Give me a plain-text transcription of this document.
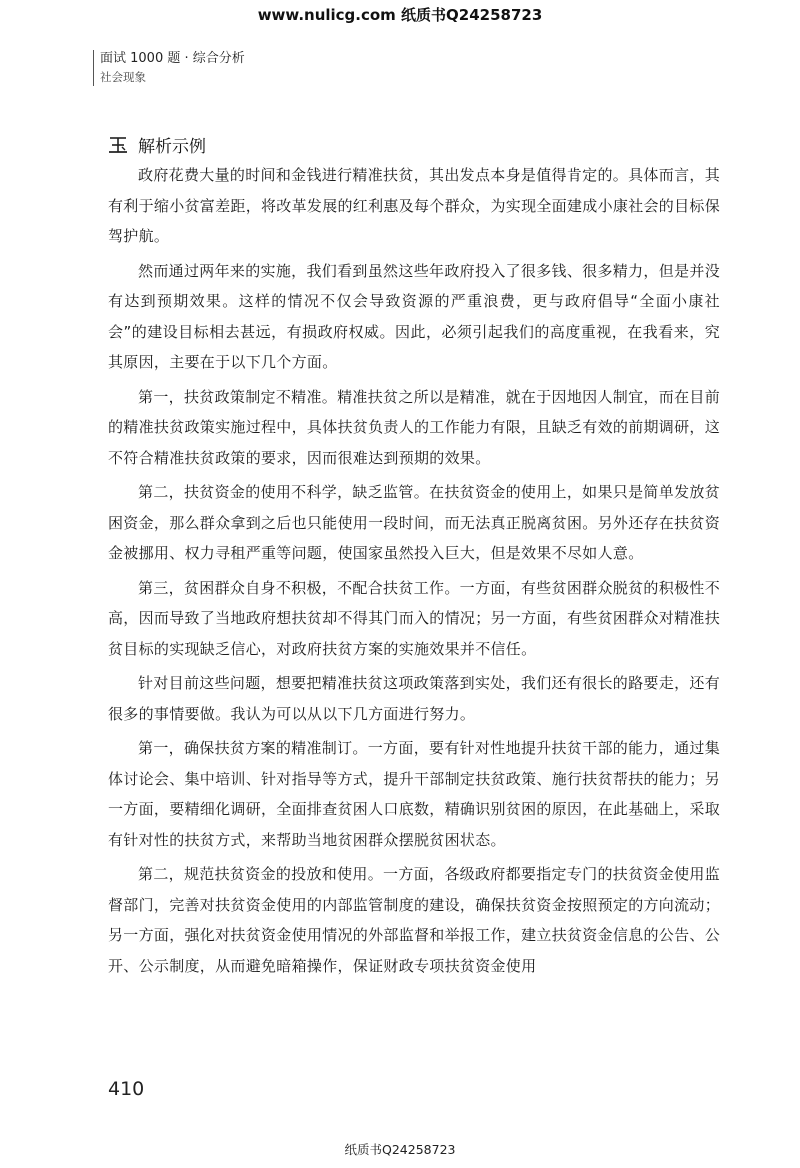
www.nulicg.com 纸质书Q24258723
面试 1000 题 · 综合分析
社会现象
解析示例

政府花费大量的时间和金钱进行精准扶贫，其出发点本身是值得肯定的。具体而言，其有利于缩小贫富差距，将改革发展的红利惠及每个群众，为实现全面建成小康社会的目标保驾护航。

然而通过两年来的实施，我们看到虽然这些年政府投入了很多钱、很多精力，但是并没有达到预期效果。这样的情况不仅会导致资源的严重浪费，更与政府倡导“全面小康社会”的建设目标相去甚远，有损政府权威。因此，必须引起我们的高度重视，在我看来，究其原因，主要在于以下几个方面。

第一，扶贫政策制定不精准。精准扶贫之所以是精准，就在于因地因人制宜，而在目前的精准扶贫政策实施过程中，具体扶贫负责人的工作能力有限，且缺乏有效的前期调研，这不符合精准扶贫政策的要求，因而很难达到预期的效果。

第二，扶贫资金的使用不科学，缺乏监管。在扶贫资金的使用上，如果只是简单发放贫困资金，那么群众拿到之后也只能使用一段时间，而无法真正脱离贫困。另外还存在扶贫资金被挪用、权力寻租严重等问题，使国家虽然投入巨大，但是效果不尽如人意。

第三，贫困群众自身不积极，不配合扶贫工作。一方面，有些贫困群众脱贫的积极性不高，因而导致了当地政府想扶贫却不得其门而入的情况；另一方面，有些贫困群众对精准扶贫目标的实现缺乏信心，对政府扶贫方案的实施效果并不信任。

针对目前这些问题，想要把精准扶贫这项政策落到实处，我们还有很长的路要走，还有很多的事情要做。我认为可以从以下几方面进行努力。

第一，确保扶贫方案的精准制订。一方面，要有针对性地提升扶贫干部的能力，通过集体讨论会、集中培训、针对指导等方式，提升干部制定扶贫政策、施行扶贫帮扶的能力；另一方面，要精细化调研，全面排查贫困人口底数，精确识别贫困的原因，在此基础上，采取有针对性的扶贫方式，来帮助当地贫困群众摆脱贫困状态。

第二，规范扶贫资金的投放和使用。一方面，各级政府都要指定专门的扶贫资金使用监督部门，完善对扶贫资金使用的内部监管制度的建设，确保扶贫资金按照预定的方向流动；另一方面，强化对扶贫资金使用情况的外部监督和举报工作，建立扶贫资金信息的公告、公开、公示制度，从而避免暗箱操作，保证财政专项扶贫资金使用

410
纸质书Q24258723
